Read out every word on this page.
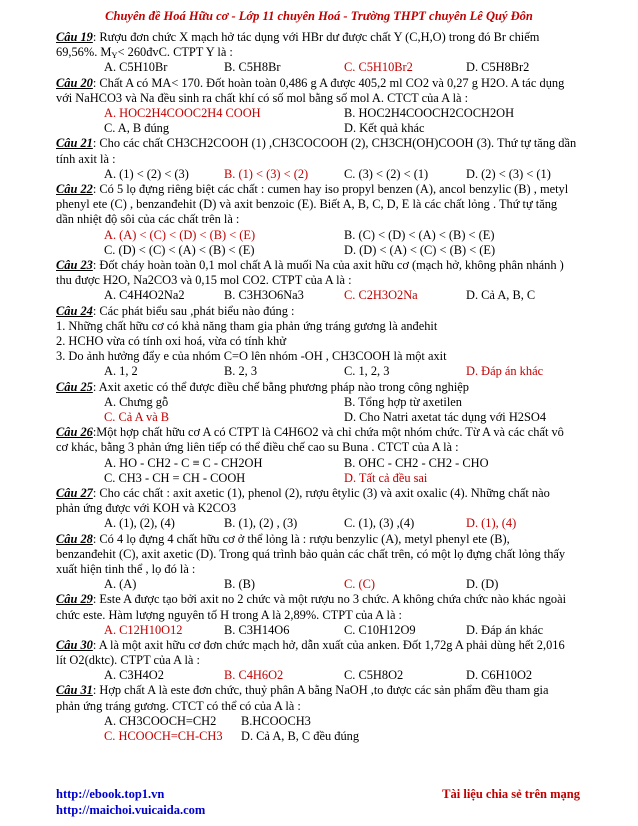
Chuyên đề Hoá Hữu cơ - Lớp 11 chuyên Hoá - Trường THPT chuyên Lê Quý Đôn
Câu 19: Rượu đơn chức X mạch hở tác dụng với HBr dư được chất Y (C,H,O) trong đó Br chiếm
69,56%. $M_Y<$ 260đvC. CTPT Y là :
A. C5H10Br	B. C5H8Br	C. C5H10Br2	D. C5H8Br2
Câu 20: Chất A có MA< 170. Đốt hoàn toàn 0,486 g A được 405,2 ml CO2 và 0,27 g H2O. A tác dụng
với NaHCO3 và Na đều sinh ra chất khí có số mol bằng số mol A. CTCT của A là :
A. HOC2H4COOC2H4 COOH	B. HOC2H4COOCH2COCH2OH
C. A, B đúng	D. Kết quả khác
Câu 21: Cho các chất CH3CH2COOH (1) ,CH3COCOOH (2), CH3CH(OH)COOH (3). Thứ tự tăng dần
tính axit là :
A. (1) < (2) < (3)	B. (1) < (3) < (2)	C. (3) < (2) < (1)	D. (2) < (3) < (1)
Câu 22: Có 5 lọ đựng riêng biệt các chất : cumen hay iso propyl benzen (A), ancol benzylic (B) , metyl
phenyl ete (C) , benzanđehit (D) và axit benzoic (E). Biết A, B, C, D, E là các chất lỏng . Thứ tự tăng
dần nhiệt độ sôi của các chất trên là :
A. (A) < (C) < (D) < (B) < (E)	B. (C) < (D) < (A) < (B) < (E)
C. (D) < (C) < (A) < (B) < (E)	D. (D) < (A) < (C) < (B) < (E)
Câu 23: Đốt cháy hoàn toàn 0,1 mol chất A là muối Na của axit hữu cơ (mạch hở, không phân nhánh )
thu được H2O, Na2CO3 và 0,15 mol CO2. CTPT của A là :
A. C4H4O2Na2	B. C3H3O6Na3	C. C2H3O2Na	D. Cả A, B, C
Câu 24: Các phát biểu sau ,phát biểu nào đúng :
1. Những chất hữu cơ có khả năng tham gia phản ứng tráng gương là anđehit
2. HCHO vừa có tính oxi hoá, vừa có tính khử
3. Do ảnh hưởng đẩy e của nhóm C=O lên nhóm -OH , CH3COOH là một axit
A. 1, 2	B. 2, 3	C. 1, 2, 3	D. Đáp án khác
Câu 25: Axit axetic có thể được điều chế bằng phương pháp nào trong công nghiệp
A. Chưng gỗ	B. Tổng hợp từ axetilen
C. Cả A và B	D. Cho Natri axetat tác dụng với H2SO4
Câu 26:Một hợp chất hữu cơ A có CTPT là C4H6O2 và chỉ chứa một nhóm chức. Từ A và các chất vô
cơ khác, bằng 3 phản ứng liên tiếp có thể điều chế cao su Buna . CTCT của A là :
A. HO - CH2 - C ≡ C - CH2OH	B. OHC - CH2 - CH2 - CHO
C. CH3 - CH = CH - COOH	D. Tất cả đều sai
Câu 27: Cho các chất : axit axetic (1), phenol (2), rượu êtylic (3) và axit oxalic (4). Những chất nào
phản ứng được với KOH và K2CO3
A. (1), (2), (4)	B. (1), (2) , (3)	C. (1), (3) ,(4)	D. (1), (4)
Câu 28: Có 4 lọ đựng 4 chất hữu cơ ở thể lỏng là : rượu benzylic (A), metyl phenyl ete (B),
benzanđehit (C), axit axetic (D). Trong quá trình bảo quản các chất trên, có một lọ đựng chất lỏng thấy
xuất hiện tinh thể , lọ đó là :
A. (A)	B. (B)	C. (C)	D. (D)
Câu 29: Este A được tạo bởi axit no 2 chức và một rượu no 3 chức. A không chứa chức nào khác ngoài
chức este. Hàm lượng nguyên tố H trong A là 2,89%. CTPT của A là :
A. C12H10O12	B. C3H14O6	C. C10H12O9	D. Đáp án khác
Câu 30: A là một axit hữu cơ đơn chức mạch hở, dẫn xuất của anken. Đốt 1,72g A phải dùng hết 2,016
lít O2(dktc). CTPT của A là :
A. C3H4O2	B. C4H6O2	C. C5H8O2	D. C6H10O2
Câu 31: Hợp chất A là este đơn chức, thuỷ phân A bằng NaOH ,to được các sản phẩm đều tham gia
phản ứng tráng gương. CTCT có thể có của A là :
A. CH3COOCH=CH2 B.HCOOCH3
C. HCOOCH=CH-CH3 D. Cả A, B, C đều đúng
http://ebook.top1.vn
http://maichoi.vuicaida.com
Tài liệu chia sẻ trên mạng
